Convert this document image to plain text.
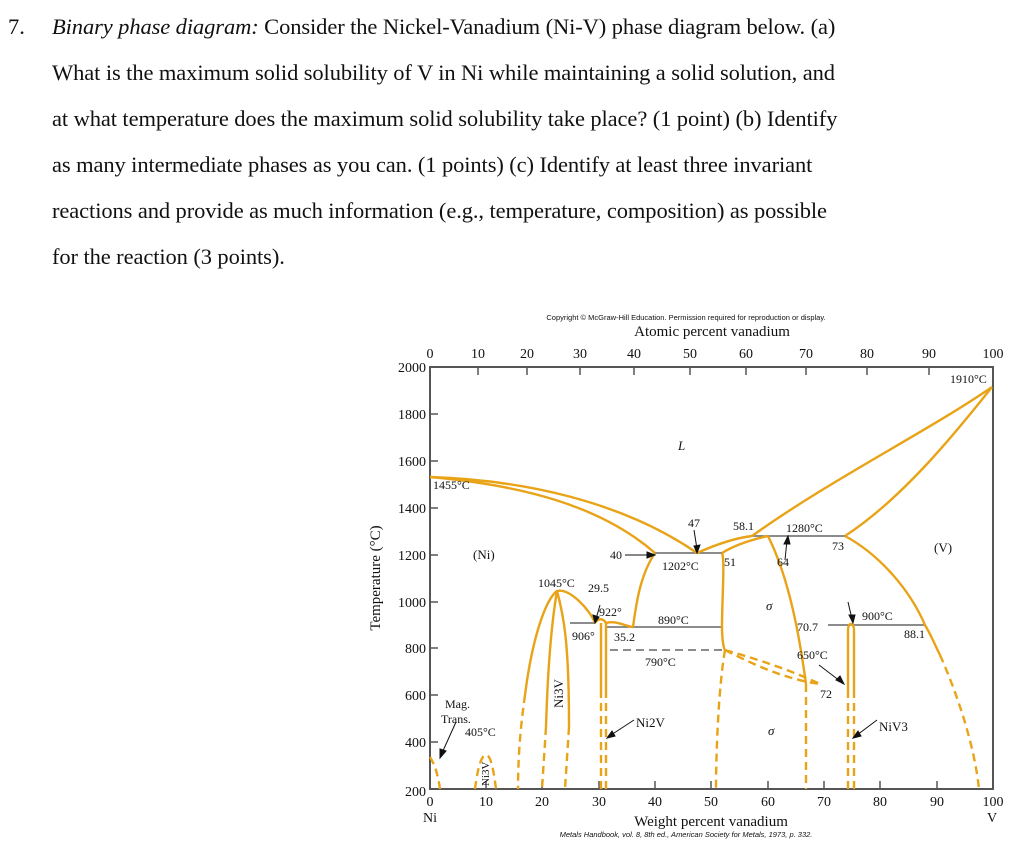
7. Binary phase diagram: Consider the Nickel-Vanadium (Ni-V) phase diagram below. (a)
What is the maximum solid solubility of V in Ni while maintaining a solid solution, and
at what temperature does the maximum solid solubility take place? (1 point) (b) Identify
as many intermediate phases as you can. (1 points) (c) Identify at least three invariant
reactions and provide as much information (e.g., temperature, composition) as possible
for the reaction (3 points).
Copyright © McGraw-Hill Education. Permission required for reproduction or display.
Atomic percent vanadium
0	10	20	30	40	50	60	70	80	90	100
200
400
600
800
1000
1200
1400
1600
1800
2000
Temperature (°C)
0	10	20	30	40	50	60	70	80	90	100
Ni	V
Weight percent vanadium
Metals Handbook, vol. 8, 8th ed., American Society for Metals, 1973, p. 332.
1455°C
1910°C
1202°C
1280°C
1045°C 29.5
922°
906° 35.2
890°C
790°C
40
47
51
58.1
64
73
70.7
900°C
88.1
650°C
72
405°C
Mag.
Trans.
L
(Ni)	(V)
σ
σ
Ni3V
Ni3V
Ni2V	NiV3
